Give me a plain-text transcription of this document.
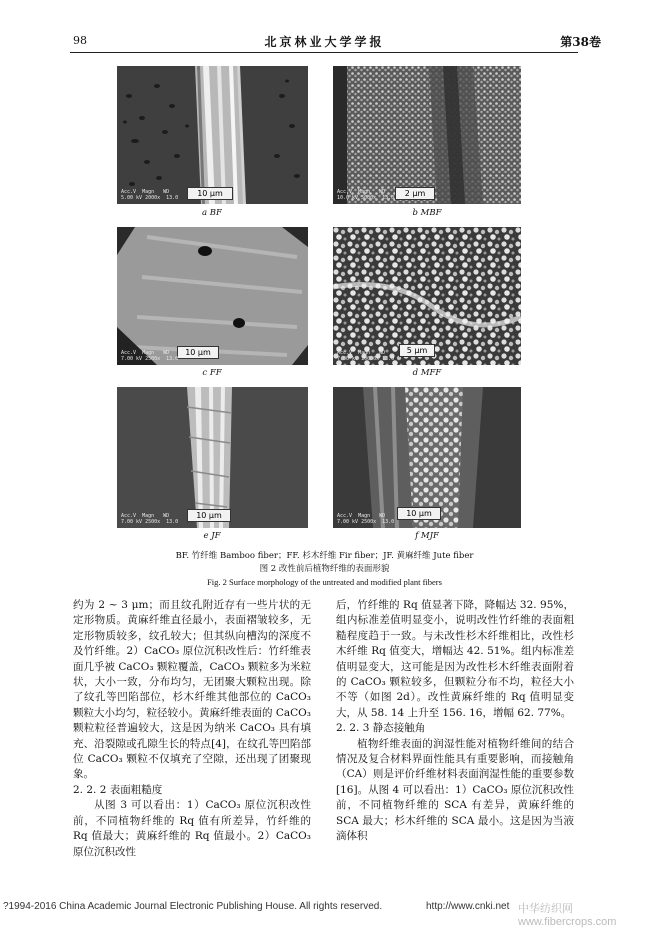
98	北京林业大学学报	第38卷
10 μm
Acc.V  Magn   WD
5.00 kV 2000x  13.0
a BF
2 μm
Acc.V  Magn   WD
10.0 kV 5000x  13.0
b MBF
10 μm
Acc.V  Magn   WD
7.00 kV 2500x  13.0
c FF
5 μm
Acc.V  Magn   WD
7.00 kV 10000x 13.0
d MFF
10 μm
Acc.V  Magn   WD
7.00 kV 2500x  13.0
e JF
10 μm
Acc.V  Magn   WD
7.00 kV 2500x  13.0
f MJF
BF. 竹纤维 Bamboo fiber；FF. 杉木纤维 Fir fiber；JF. 黄麻纤维 Jute fiber
图 2 改性前后植物纤维的表面形貌
Fig. 2 Surface morphology of the untreated and modified plant fibers

约为 2 ~ 3 μm；而且纹孔附近存有一些片状的无定形物质。黄麻纤维直径最小，表面褶皱较多，无定形物质较多，纹孔较大；但其纵向槽沟的深度不及竹纤维。2）CaCO₃ 原位沉积改性后：竹纤维表面几乎被 CaCO₃ 颗粒覆盖，CaCO₃ 颗粒多为米粒状，大小一致，分布均匀，无团聚大颗粒出现。除了纹孔等凹陷部位，杉木纤维其他部位的 CaCO₃ 颗粒大小均匀，粒径较小。黄麻纤维表面的 CaCO₃ 颗粒粒径普遍较大，这是因为纳米 CaCO₃ 具有填充、沿裂隙或孔隙生长的特点[4]，在纹孔等凹陷部位 CaCO₃ 颗粒不仅填充了空隙，还出现了团聚现象。

2. 2. 2 表面粗糙度

从图 3 可以看出：1）CaCO₃ 原位沉积改性前，不同植物纤维的 Rq 值有所差异，竹纤维的 Rq 值最大；黄麻纤维的 Rq 值最小。2）CaCO₃ 原位沉积改性

后，竹纤维的 Rq 值显著下降，降幅达 32. 95%，组内标准差值明显变小，说明改性竹纤维的表面粗糙程度趋于一致。与未改性杉木纤维相比，改性杉木纤维 Rq 值变大，增幅达 42. 51%。组内标准差值明显变大，这可能是因为改性杉木纤维表面附着的 CaCO₃ 颗粒较多，但颗粒分布不均，粒径大小不等（如图 2d）。改性黄麻纤维的 Rq 值明显变大，从 58. 14 上升至 156. 16，增幅 62. 77%。

2. 2. 3 静态接触角

植物纤维表面的润湿性能对植物纤维间的结合情况及复合材料界面性能具有重要影响，而接触角（CA）则是评价纤维材料表面润湿性能的重要参数[16]。从图 4 可以看出：1）CaCO₃ 原位沉积改性前，不同植物纤维的 SCA 有差异，黄麻纤维的 SCA 最大；杉木纤维的 SCA 最小。这是因为当液滴体积

?1994-2016 China Academic Journal Electronic Publishing House. All rights reserved.	http://www.cnki.net 中华纺织网 www.fibercrops.com
